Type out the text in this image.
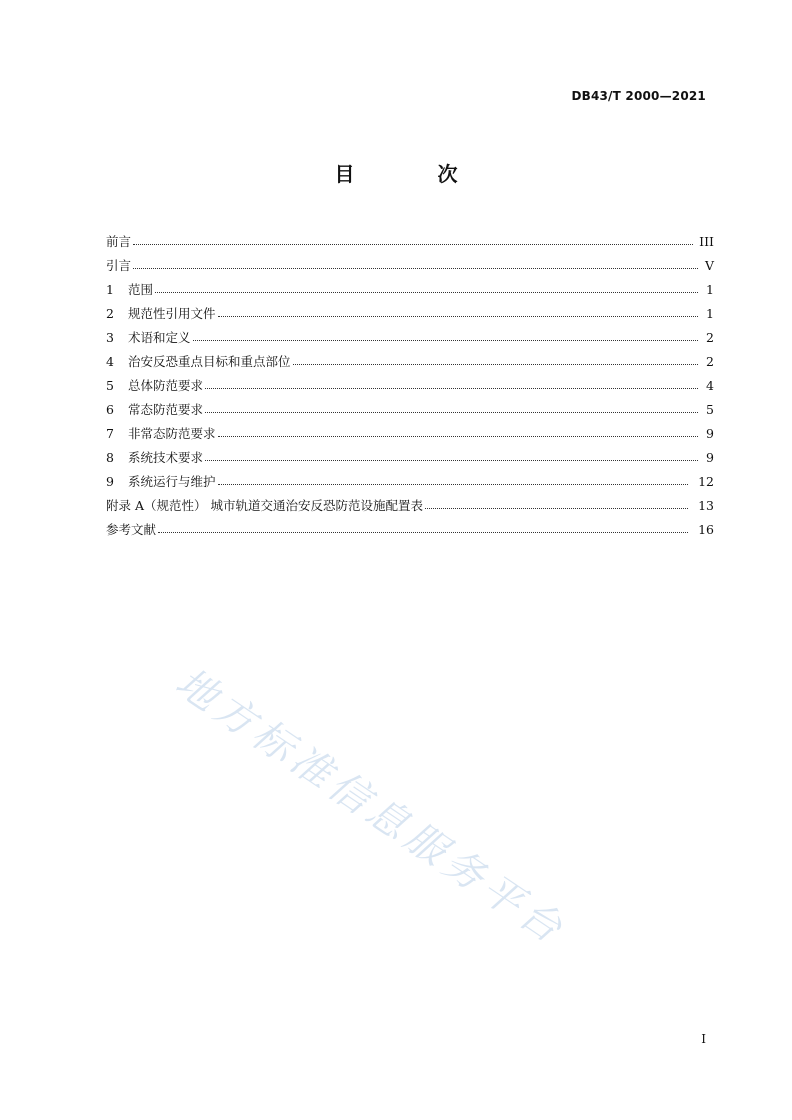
DB43/T 2000—2021
目 次
前言	III
引言	V
1	范围	1
2	规范性引用文件	1
3	术语和定义	2
4	治安反恐重点目标和重点部位	2
5	总体防范要求	4
6	常态防范要求	5
7	非常态防范要求	9
8	系统技术要求	9
9	系统运行与维护	12
附录 A（规范性） 城市轨道交通治安反恐防范设施配置表	13
参考文献	16
地方标准信息服务平台
I
